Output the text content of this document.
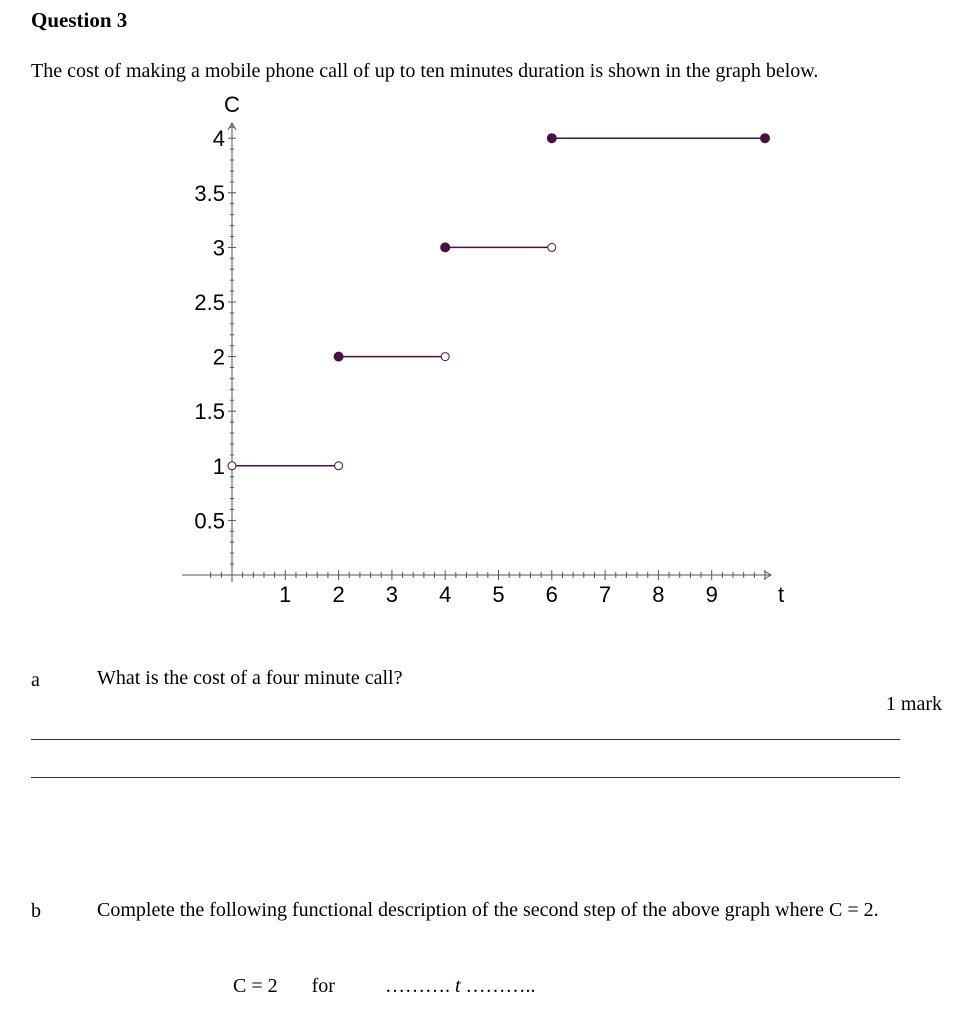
Question 3
The cost of making a mobile phone call of up to ten minutes duration is shown in the graph below.
1 2 3 4 5 6 7 8 9
0.5
1
1.5
2
2.5
3
3.5
4
C
t
a	What is the cost of a four minute call?
1 mark
b	Complete the following functional description of the second step of the above graph where C = 2.
C = 2 for	………. t ………..
